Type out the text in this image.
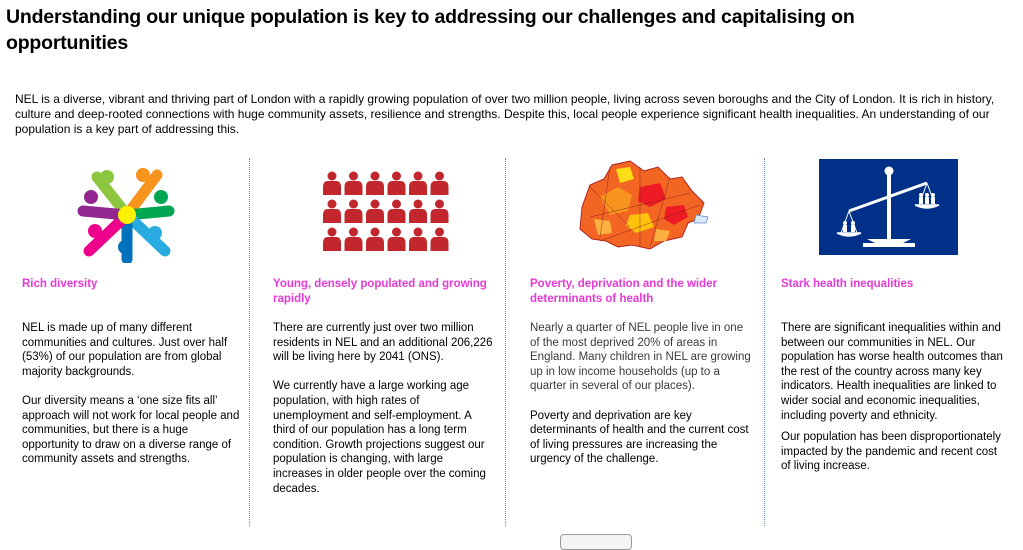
Understanding our unique population is key to addressing our challenges and capitalising on opportunities

NEL is a diverse, vibrant and thriving part of London with a rapidly growing population of over two million people, living across seven boroughs and the City of London. It is rich in history, culture and deep-rooted connections with huge community assets, resilience and strengths. Despite this, local people experience significant health inequalities. An understanding of our population is a key part of addressing this.

Rich diversity

NEL is made up of many different communities and cultures. Just over half (53%) of our population are from global majority backgrounds.

Our diversity means a ‘one size fits all’ approach will not work for local people and communities, but there is a huge opportunity to draw on a diverse range of community assets and strengths.

Young, densely populated and growing rapidly

There are currently just over two million residents in NEL and an additional 206,226 will be living here by 2041 (ONS).

We currently have a large working age population, with high rates of unemployment and self-employment. A third of our population has a long term condition. Growth projections suggest our population is changing, with large increases in older people over the coming decades.

Poverty, deprivation and the wider determinants of health

Nearly a quarter of NEL people live in one of the most deprived 20% of areas in England. Many children in NEL are growing up in low income households (up to a quarter in several of our places).

Poverty and deprivation are key determinants of health and the current cost of living pressures are increasing the urgency of the challenge.

Stark health inequalities

There are significant inequalities within and between our communities in NEL. Our population has worse health outcomes than the rest of the country across many key indicators. Health inequalities are linked to wider social and economic inequalities, including poverty and ethnicity.

Our population has been disproportionately impacted by the pandemic and recent cost of living increase.
